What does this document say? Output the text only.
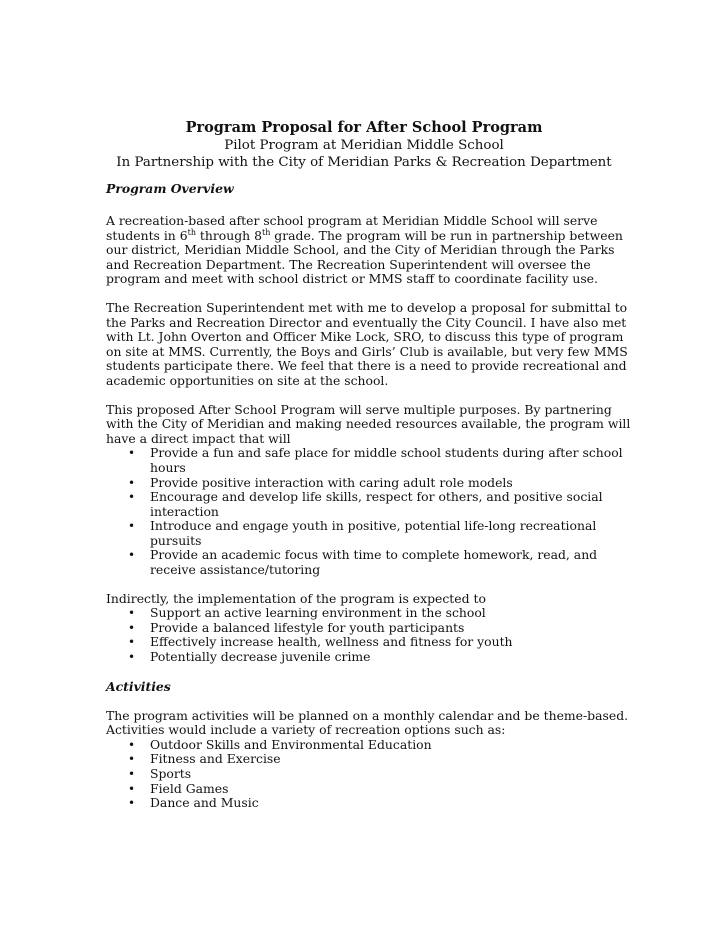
Program Proposal for After School Program

Pilot Program at Meridian Middle School

In Partnership with the City of Meridian Parks & Recreation Department

Program Overview

A recreation-based after school program at Meridian Middle School will serve students in 6th through 8th grade. The program will be run in partnership between our district, Meridian Middle School, and the City of Meridian through the Parks and Recreation Department. The Recreation Superintendent will oversee the program and meet with school district or MMS staff to coordinate facility use.

The Recreation Superintendent met with me to develop a proposal for submittal to the Parks and Recreation Director and eventually the City Council. I have also met with Lt. John Overton and Officer Mike Lock, SRO, to discuss this type of program on site at MMS. Currently, the Boys and Girls’ Club is available, but very few MMS students participate there. We feel that there is a need to provide recreational and academic opportunities on site at the school.

This proposed After School Program will serve multiple purposes. By partnering with the City of Meridian and making needed resources available, the program will have a direct impact that will

• Provide a fun and safe place for middle school students during after school hours
• Provide positive interaction with caring adult role models
• Encourage and develop life skills, respect for others, and positive social interaction
• Introduce and engage youth in positive, potential life-long recreational pursuits
• Provide an academic focus with time to complete homework, read, and receive assistance/tutoring

Indirectly, the implementation of the program is expected to

• Support an active learning environment in the school
• Provide a balanced lifestyle for youth participants
• Effectively increase health, wellness and fitness for youth
• Potentially decrease juvenile crime

Activities

The program activities will be planned on a monthly calendar and be theme-based. Activities would include a variety of recreation options such as:

• Outdoor Skills and Environmental Education
• Fitness and Exercise
• Sports
• Field Games
• Dance and Music
